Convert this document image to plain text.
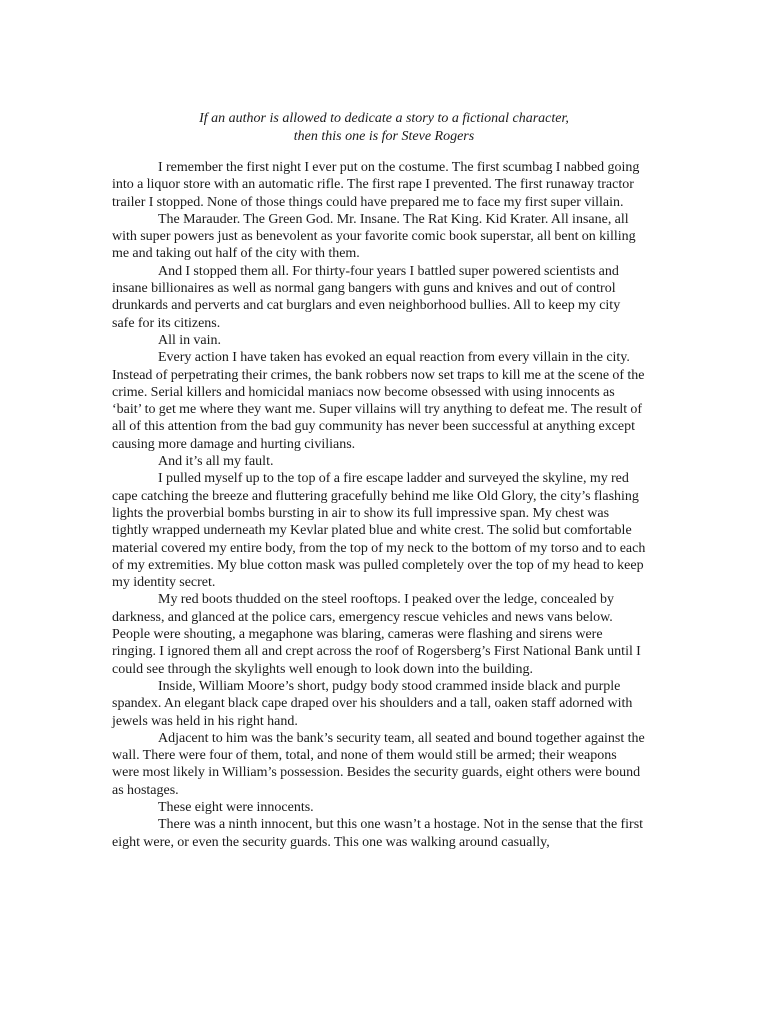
If an author is allowed to dedicate a story to a fictional character,
then this one is for Steve Rogers

I remember the first night I ever put on the costume. The first scumbag I nabbed going into a liquor store with an automatic rifle. The first rape I prevented. The first runaway tractor trailer I stopped. None of those things could have prepared me to face my first super villain.

The Marauder. The Green God. Mr. Insane. The Rat King. Kid Krater. All insane, all with super powers just as benevolent as your favorite comic book superstar, all bent on killing me and taking out half of the city with them.

And I stopped them all. For thirty-four years I battled super powered scientists and insane billionaires as well as normal gang bangers with guns and knives and out of control drunkards and perverts and cat burglars and even neighborhood bullies. All to keep my city safe for its citizens.

All in vain.

Every action I have taken has evoked an equal reaction from every villain in the city. Instead of perpetrating their crimes, the bank robbers now set traps to kill me at the scene of the crime. Serial killers and homicidal maniacs now become obsessed with using innocents as ‘bait’ to get me where they want me. Super villains will try anything to defeat me. The result of all of this attention from the bad guy community has never been successful at anything except causing more damage and hurting civilians.

And it’s all my fault.

I pulled myself up to the top of a fire escape ladder and surveyed the skyline, my red cape catching the breeze and fluttering gracefully behind me like Old Glory, the city’s flashing lights the proverbial bombs bursting in air to show its full impressive span. My chest was tightly wrapped underneath my Kevlar plated blue and white crest. The solid but comfortable material covered my entire body, from the top of my neck to the bottom of my torso and to each of my extremities. My blue cotton mask was pulled completely over the top of my head to keep my identity secret.

My red boots thudded on the steel rooftops. I peaked over the ledge, concealed by darkness, and glanced at the police cars, emergency rescue vehicles and news vans below. People were shouting, a megaphone was blaring, cameras were flashing and sirens were ringing. I ignored them all and crept across the roof of Rogersberg’s First National Bank until I could see through the skylights well enough to look down into the building.

Inside, William Moore’s short, pudgy body stood crammed inside black and purple spandex. An elegant black cape draped over his shoulders and a tall, oaken staff adorned with jewels was held in his right hand.

Adjacent to him was the bank’s security team, all seated and bound together against the wall. There were four of them, total, and none of them would still be armed; their weapons were most likely in William’s possession. Besides the security guards, eight others were bound as hostages.

These eight were innocents.

There was a ninth innocent, but this one wasn’t a hostage. Not in the sense that the first eight were, or even the security guards. This one was walking around casually,
